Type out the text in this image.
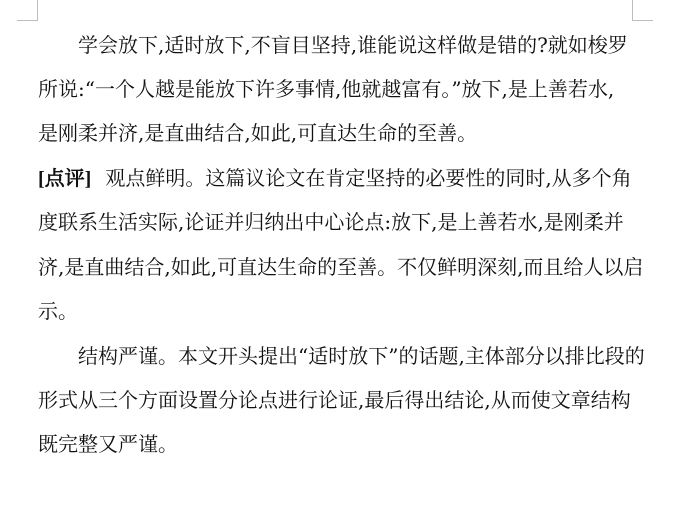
学会放下,适时放下,不盲目坚持,谁能说这样做是错的?就如梭罗

所说:“一个人越是能放下许多事情,他就越富有。”放下,是上善若水,

是刚柔并济,是直曲结合,如此,可直达生命的至善。

[点评] 观点鲜明。这篇议论文在肯定坚持的必要性的同时,从多个角

度联系生活实际,论证并归纳出中心论点:放下,是上善若水,是刚柔并

济,是直曲结合,如此,可直达生命的至善。不仅鲜明深刻,而且给人以启

示。

结构严谨。本文开头提出“适时放下”的话题,主体部分以排比段的

形式从三个方面设置分论点进行论证,最后得出结论,从而使文章结构

既完整又严谨。
